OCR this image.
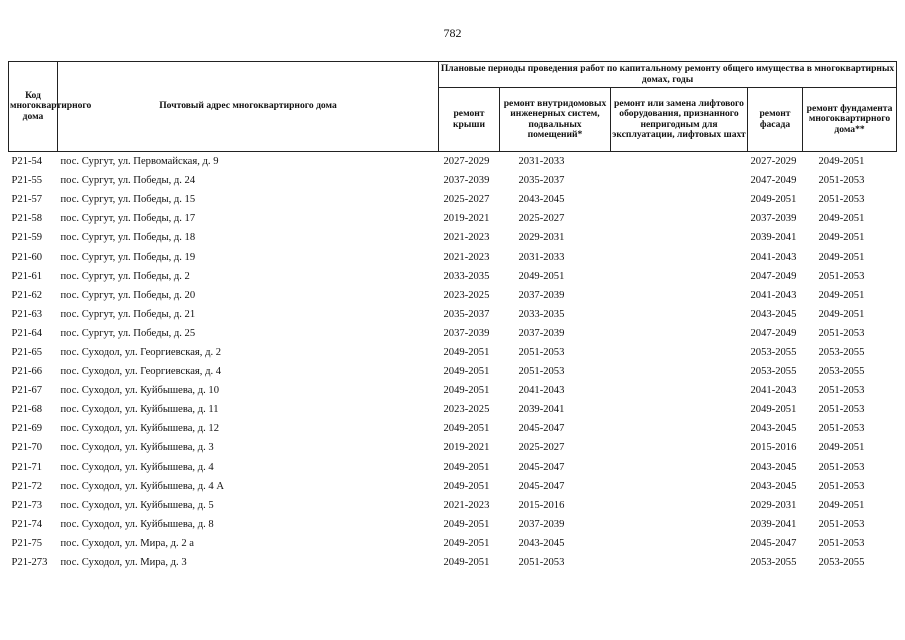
782
Код многоквартирного дома	Почтовый адрес многоквартирного дома	Плановые периоды проведения работ по капитальному ремонту общего имущества в многоквартирных домах, годы				
		ремонт крыши	ремонт внутридомовых инженерных систем, подвальных помещений*	ремонт или замена лифтового оборудования, признанного непригодным для эксплуатации, лифтовых шахт	ремонт фасада	ремонт фундамента многоквартирного дома**
Р21-54	пос. Сургут, ул. Первомайская, д. 9	2027-2029	2031-2033		2027-2029	2049-2051
Р21-55	пос. Сургут, ул. Победы, д. 24	2037-2039	2035-2037		2047-2049	2051-2053
Р21-57	пос. Сургут, ул. Победы, д. 15	2025-2027	2043-2045		2049-2051	2051-2053
Р21-58	пос. Сургут, ул. Победы, д. 17	2019-2021	2025-2027		2037-2039	2049-2051
Р21-59	пос. Сургут, ул. Победы, д. 18	2021-2023	2029-2031		2039-2041	2049-2051
Р21-60	пос. Сургут, ул. Победы, д. 19	2021-2023	2031-2033		2041-2043	2049-2051
Р21-61	пос. Сургут, ул. Победы, д. 2	2033-2035	2049-2051		2047-2049	2051-2053
Р21-62	пос. Сургут, ул. Победы, д. 20	2023-2025	2037-2039		2041-2043	2049-2051
Р21-63	пос. Сургут, ул. Победы, д. 21	2035-2037	2033-2035		2043-2045	2049-2051
Р21-64	пос. Сургут, ул. Победы, д. 25	2037-2039	2037-2039		2047-2049	2051-2053
Р21-65	пос. Суходол, ул. Георгиевская, д. 2	2049-2051	2051-2053		2053-2055	2053-2055
Р21-66	пос. Суходол, ул. Георгиевская, д. 4	2049-2051	2051-2053		2053-2055	2053-2055
Р21-67	пос. Суходол, ул. Куйбышева, д. 10	2049-2051	2041-2043		2041-2043	2051-2053
Р21-68	пос. Суходол, ул. Куйбышева, д. 11	2023-2025	2039-2041		2049-2051	2051-2053
Р21-69	пос. Суходол, ул. Куйбышева, д. 12	2049-2051	2045-2047		2043-2045	2051-2053
Р21-70	пос. Суходол, ул. Куйбышева, д. 3	2019-2021	2025-2027		2015-2016	2049-2051
Р21-71	пос. Суходол, ул. Куйбышева, д. 4	2049-2051	2045-2047		2043-2045	2051-2053
Р21-72	пос. Суходол, ул. Куйбышева, д. 4 А	2049-2051	2045-2047		2043-2045	2051-2053
Р21-73	пос. Суходол, ул. Куйбышева, д. 5	2021-2023	2015-2016		2029-2031	2049-2051
Р21-74	пос. Суходол, ул. Куйбышева, д. 8	2049-2051	2037-2039		2039-2041	2051-2053
Р21-75	пос. Суходол, ул. Мира, д. 2 а	2049-2051	2043-2045		2045-2047	2051-2053
Р21-273	пос. Суходол, ул. Мира, д. 3	2049-2051	2051-2053		2053-2055	2053-2055
